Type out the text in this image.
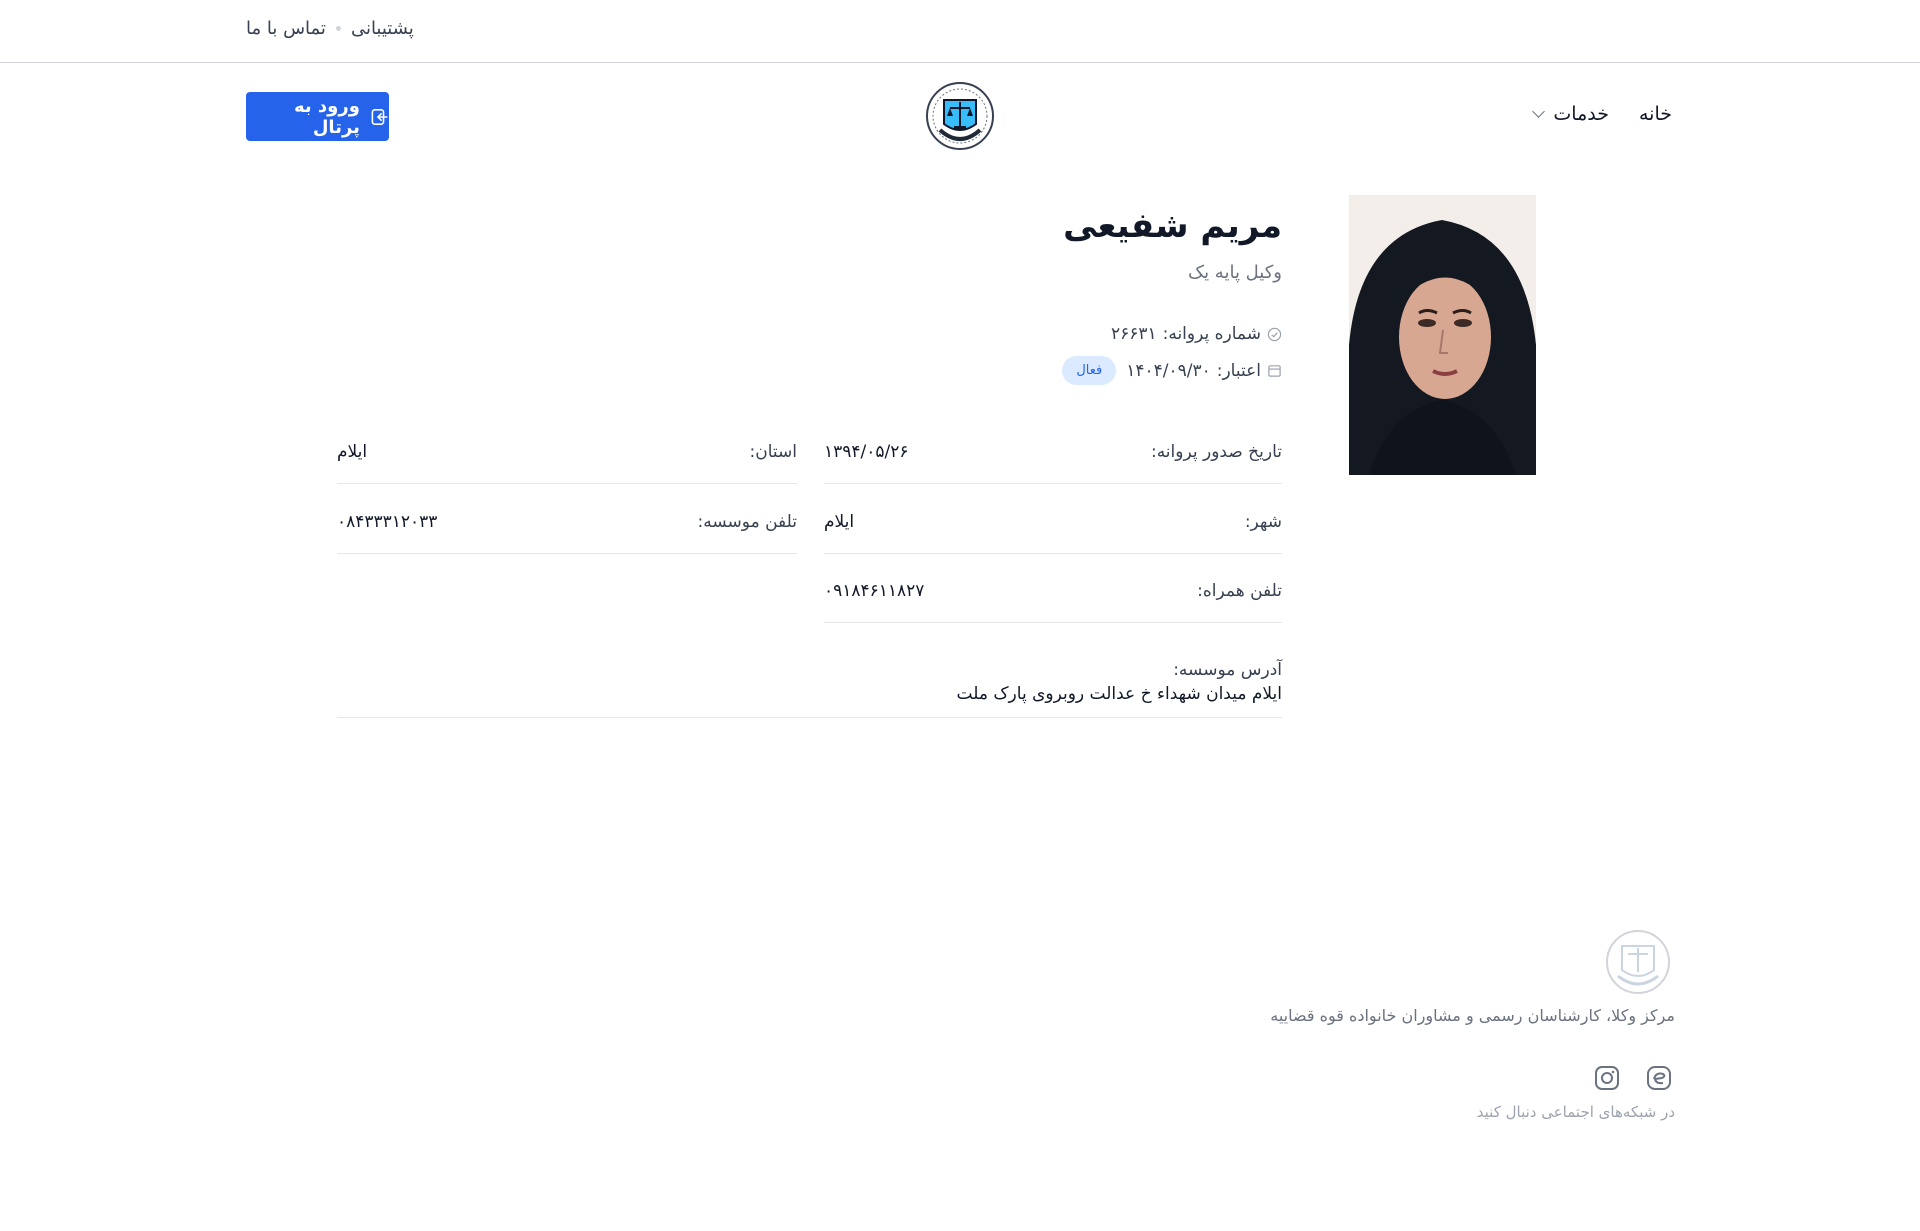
تماس با ما پشتیبانی
خانه
خدمات
ورود به پرتال
مریم شفیعی
وکیل پایه یک
شماره پروانه:
۲۶۶۳۱
اعتبار:
۱۴۰۴/۰۹/۳۰
فعال
تاریخ صدور پروانه:
۱۳۹۴/۰۵/۲۶
استان:
ایلام
شهر:
ایلام
تلفن موسسه:
۰۸۴۳۳۳۱۲۰۳۳
تلفن همراه:
۰۹۱۸۴۶۱۱۸۲۷
آدرس موسسه:
ایلام میدان شهداء خ عدالت روبروی پارک ملت
مرکز وکلا، کارشناسان رسمی و مشاوران خانواده قوه قضاییه
در شبکه‌های اجتماعی دنبال کنید
